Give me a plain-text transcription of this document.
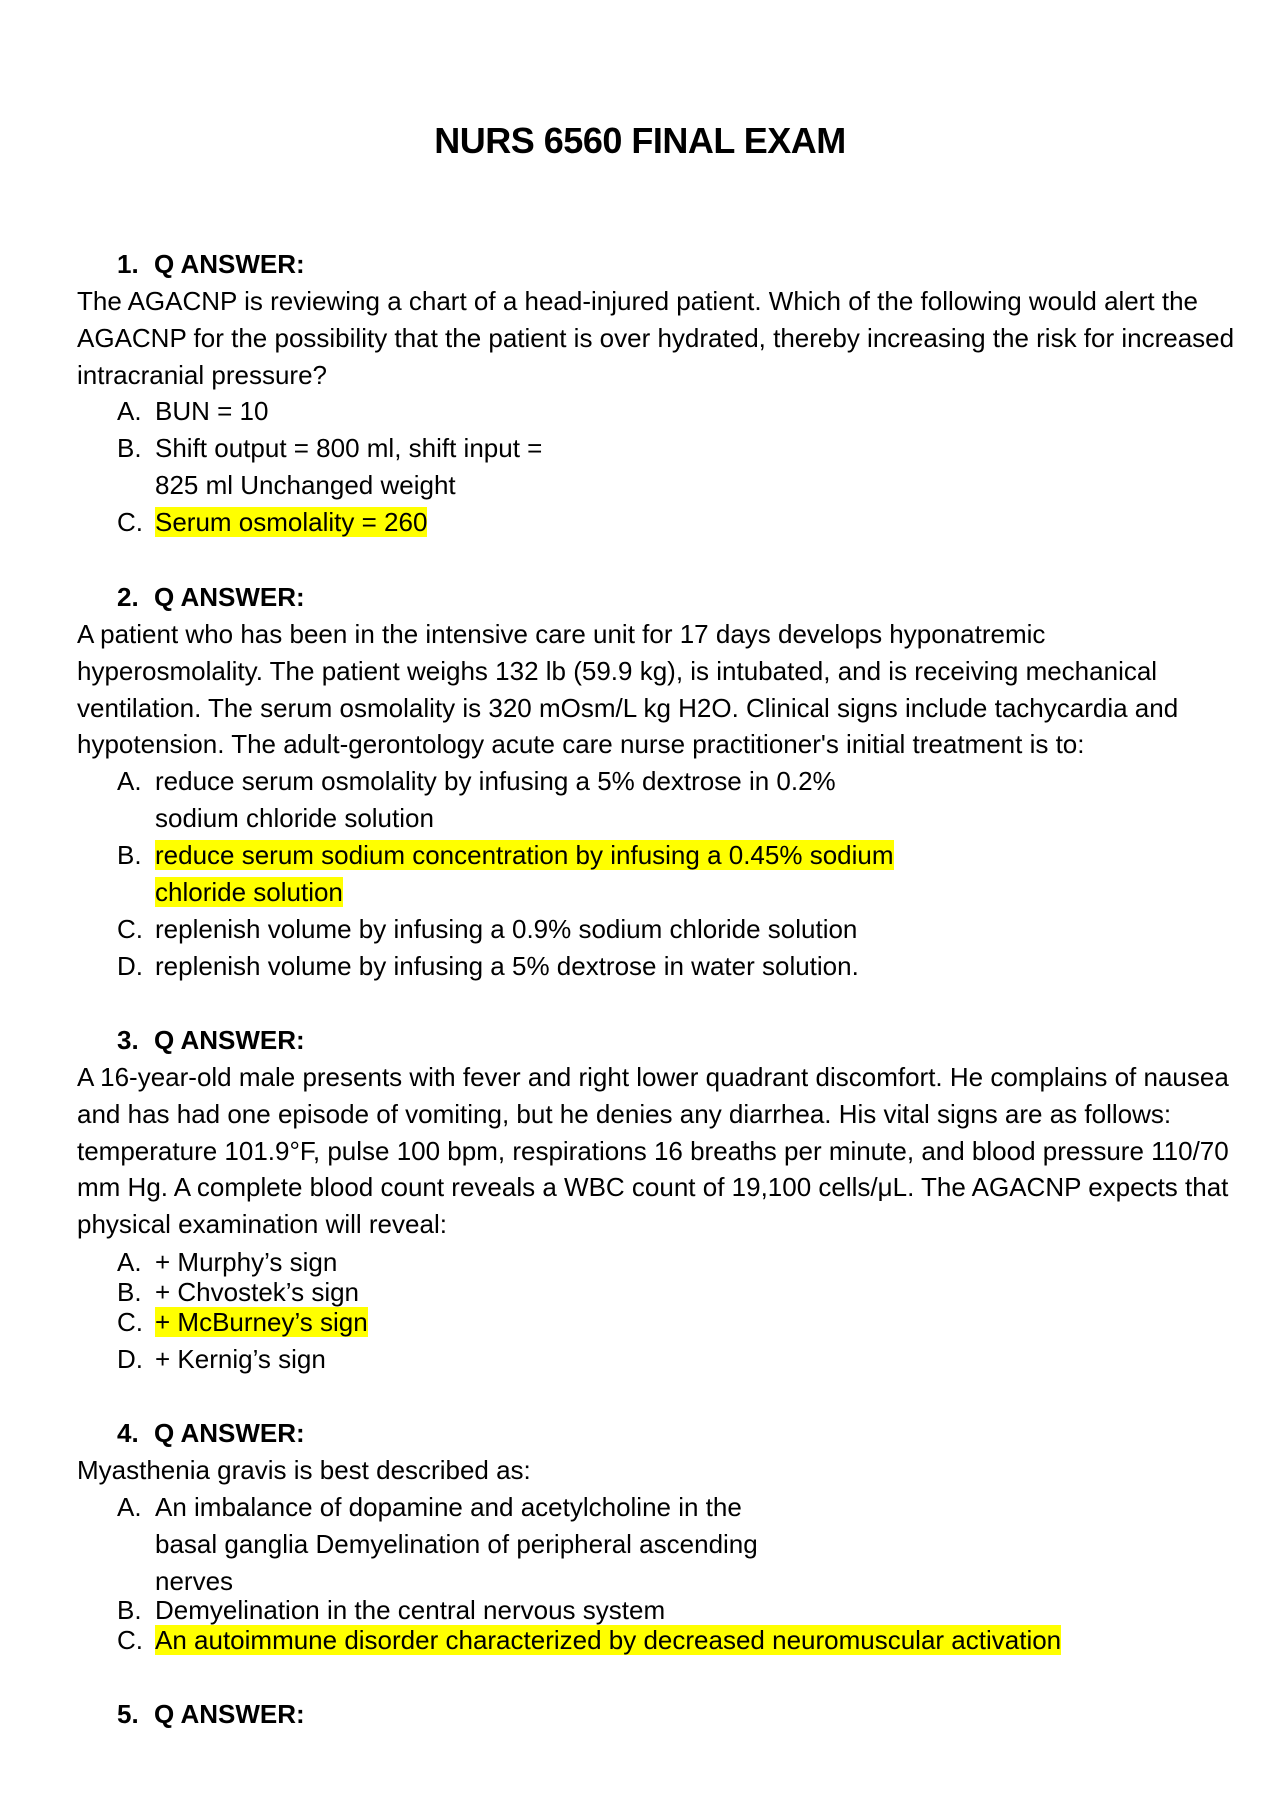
NURS 6560 FINAL EXAM
1. Q ANSWER:
The AGACNP is reviewing a chart of a head-injured patient. Which of the following would alert the AGACNP for the possibility that the patient is over hydrated, thereby increasing the risk for increased intracranial pressure?
A. BUN = 10
B. Shift output = 800 ml, shift input =
825 ml Unchanged weight
C. Serum osmolality = 260
2. Q ANSWER:
A patient who has been in the intensive care unit for 17 days develops hyponatremic hyperosmolality. The patient weighs 132 lb (59.9 kg), is intubated, and is receiving mechanical ventilation. The serum osmolality is 320 mOsm/L kg H2O. Clinical signs include tachycardia and hypotension. The adult-gerontology acute care nurse practitioner's initial treatment is to:
A. reduce serum osmolality by infusing a 5% dextrose in 0.2%
sodium chloride solution
B. reduce serum sodium concentration by infusing a 0.45% sodium
chloride solution
C. replenish volume by infusing a 0.9% sodium chloride solution
D. replenish volume by infusing a 5% dextrose in water solution.
3. Q ANSWER:
A 16-year-old male presents with fever and right lower quadrant discomfort. He complains of nausea and has had one episode of vomiting, but he denies any diarrhea. His vital signs are as follows: temperature 101.9°F, pulse 100 bpm, respirations 16 breaths per minute, and blood pressure 110/70 mm Hg. A complete blood count reveals a WBC count of 19,100 cells/μL. The AGACNP expects that physical examination will reveal:
A. + Murphy’s sign
B. + Chvostek’s sign
C. + McBurney’s sign
D. + Kernig’s sign
4. Q ANSWER:
Myasthenia gravis is best described as:
A. An imbalance of dopamine and acetylcholine in the
basal ganglia Demyelination of peripheral ascending
nerves
B. Demyelination in the central nervous system
C. An autoimmune disorder characterized by decreased neuromuscular activation
5. Q ANSWER:
